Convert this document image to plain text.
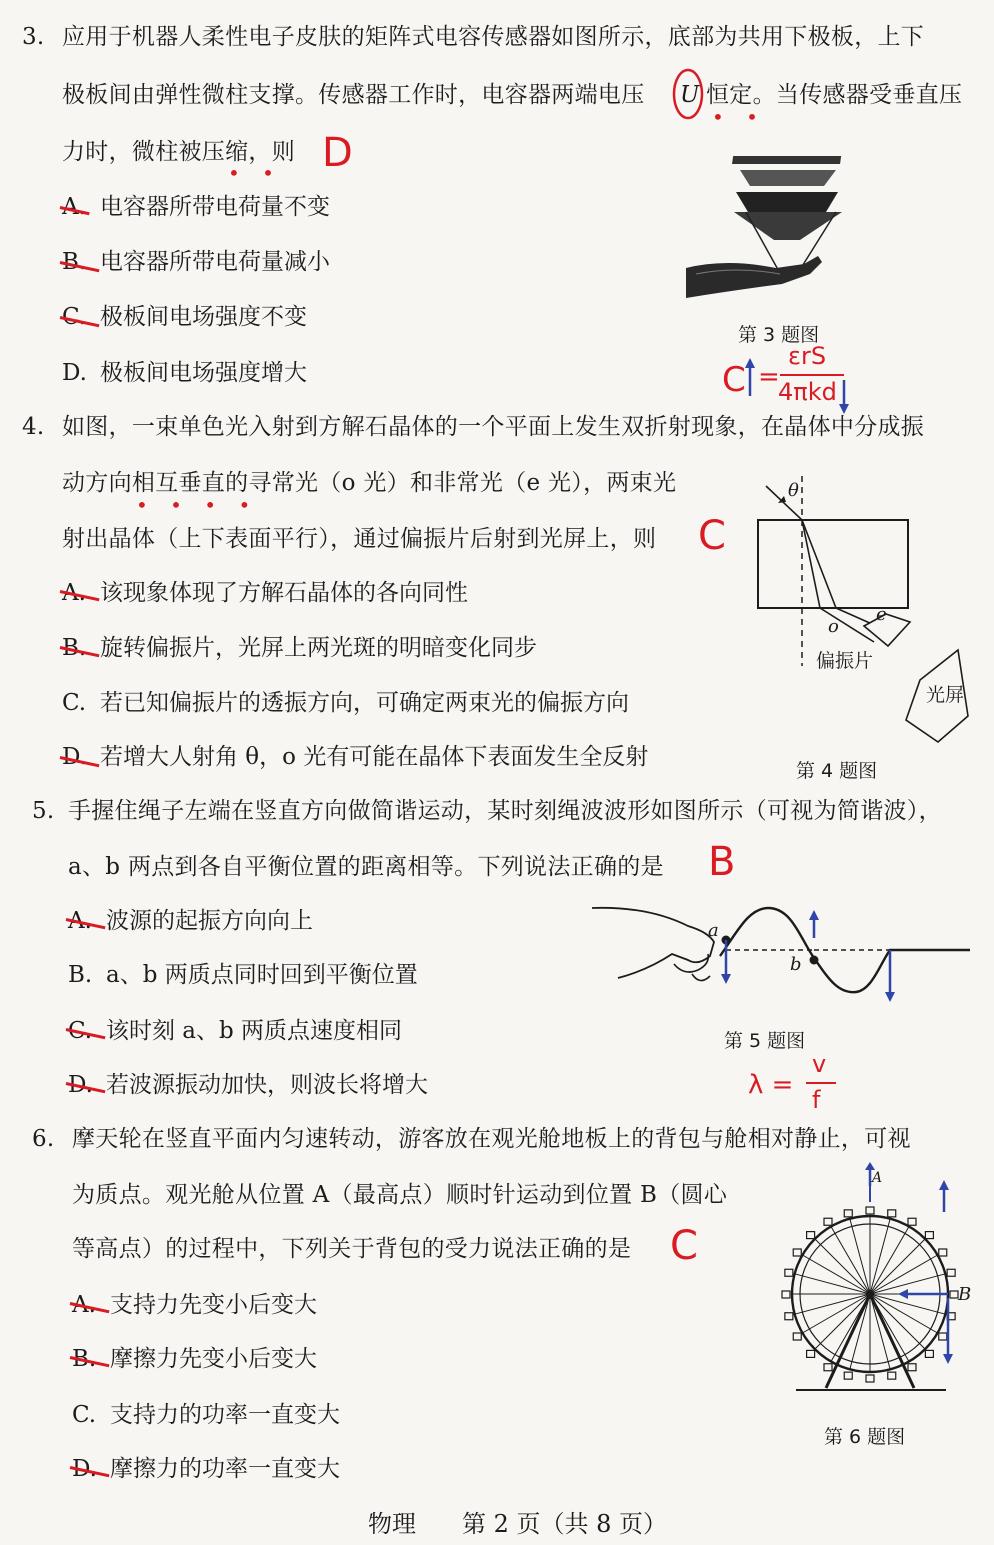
3. 应用于机器人柔性电子皮肤的矩阵式电容传感器如图所示，底部为共用下极板，上下
极板间由弹性微柱支撑。传感器工作时，电容器两端电压 U 恒定。当传感器受垂直压
• •
力时，微柱被压缩，则
• • D
A. 电容器所带电荷量不变
B. 电容器所带电荷量减小
C. 极板间电场强度不变
D. 极板间电场强度增大
第 3 题图
C =
εrS
4πkd
4. 如图，一束单色光入射到方解石晶体的一个平面上发生双折射现象，在晶体中分成振
动方向相互垂直的寻常光（o 光）和非常光（e 光），两束光
• • • •
射出晶体（上下表面平行），通过偏振片后射到光屏上，则 C
A. 该现象体现了方解石晶体的各向同性
B. 旋转偏振片，光屏上两光斑的明暗变化同步
C. 若已知偏振片的透振方向，可确定两束光的偏振方向
D. 若增大人射角 θ，o 光有可能在晶体下表面发生全反射
θ
o
e
偏振片
光屏
第 4 题图
5. 手握住绳子左端在竖直方向做简谐运动，某时刻绳波波形如图所示（可视为简谐波），
a、b 两点到各自平衡位置的距离相等。下列说法正确的是 B
A. 波源的起振方向向上
B. a、b 两质点同时回到平衡位置
C. 该时刻 a、b 两质点速度相同
D. 若波源振动加快，则波长将增大
a
b
第 5 题图
λ =
v
f
6. 摩天轮在竖直平面内匀速转动，游客放在观光舱地板上的背包与舱相对静止，可视
为质点。观光舱从位置 A（最高点）顺时针运动到位置 B（圆心
等高点）的过程中，下列关于背包的受力说法正确的是 C
A. 支持力先变小后变大
B. 摩擦力先变小后变大
C. 支持力的功率一直变大
D. 摩擦力的功率一直变大
A
B
第 6 题图
物理 第 2 页（共 8 页）
